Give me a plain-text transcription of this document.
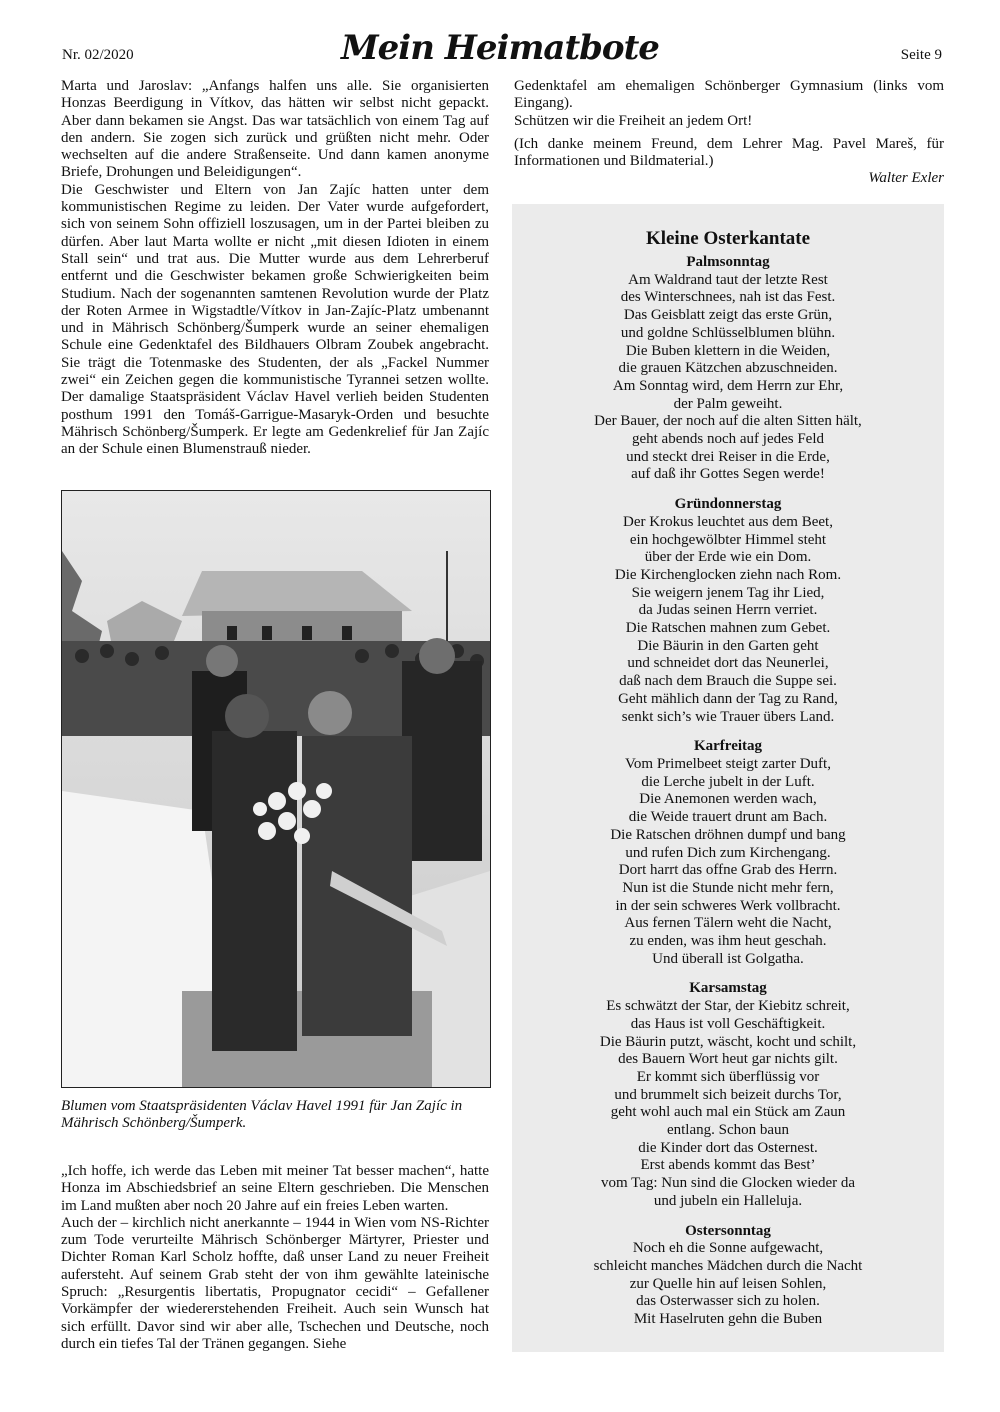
Nr. 02/2020	Mein Heimatbote	Seite 9

Marta und Jaroslav: „Anfangs halfen uns alle. Sie organisierten Honzas Beerdigung in Vítkov, das hätten wir selbst nicht gepackt. Aber dann bekamen sie Angst. Das war tatsächlich von einem Tag auf den andern. Sie zogen sich zurück und grüßten nicht mehr. Oder wechselten auf die andere Straßenseite. Und dann kamen anonyme Briefe, Drohungen und Beleidigungen“.

Die Geschwister und Eltern von Jan Zajíc hatten unter dem kommunistischen Regime zu leiden. Der Vater wurde aufgefordert, sich von seinem Sohn offiziell loszusagen, um in der Partei bleiben zu dürfen. Aber laut Marta wollte er nicht „mit diesen Idioten in einem Stall sein“ und trat aus. Die Mutter wurde aus dem Lehrerberuf entfernt und die Geschwister bekamen große Schwierigkeiten beim Studium. Nach der sogenannten samtenen Revolution wurde der Platz der Roten Armee in Wigstadtle/Vítkov in Jan-Zajíc-Platz umbenannt und in Mährisch Schönberg/Šumperk wurde an seiner ehemaligen Schule eine Gedenktafel des Bildhauers Olbram Zoubek angebracht. Sie trägt die Totenmaske des Studenten, der als „Fackel Nummer zwei“ ein Zeichen gegen die kommunistische Tyrannei setzen wollte. Der damalige Staatspräsident Václav Havel verlieh beiden Studenten posthum 1991 den Tomáš-Garrigue-Masaryk-Orden und besuchte Mährisch Schönberg/Šumperk. Er legte am Gedenkrelief für Jan Zajíc an der Schule einen Blumenstrauß nieder.

Blumen vom Staatspräsidenten Václav Havel 1991 für Jan Zajíc in Mährisch Schönberg/Šumperk.

„Ich hoffe, ich werde das Leben mit meiner Tat besser machen“, hatte Honza im Abschiedsbrief an seine Eltern geschrieben. Die Menschen im Land mußten aber noch 20 Jahre auf ein freies Leben warten.

Auch der – kirchlich nicht anerkannte – 1944 in Wien vom NS-Richter zum Tode verurteilte Mährisch Schönberger Märtyrer, Priester und Dichter Roman Karl Scholz hoffte, daß unser Land zu neuer Freiheit aufersteht. Auf seinem Grab steht der von ihm gewählte lateinische Spruch: „Resurgentis libertatis, Propugnator cecidi“ – Gefallener Vorkämpfer der wiedererstehenden Freiheit. Auch sein Wunsch hat sich erfüllt. Davor sind wir aber alle, Tschechen und Deutsche, noch durch ein tiefes Tal der Tränen gegangen. Siehe

Gedenktafel am ehemaligen Schönberger Gymnasium (links vom Eingang).

Schützen wir die Freiheit an jedem Ort!

(Ich danke meinem Freund, dem Lehrer Mag. Pavel Mareš, für Informationen und Bildmaterial.)

Walter Exler
Kleine Osterkantate
Palmsonntag
Am Waldrand taut der letzte Rest
des Winterschnees, nah ist das Fest.
Das Geisblatt zeigt das erste Grün,
und goldne Schlüsselblumen blühn.
Die Buben klettern in die Weiden,
die grauen Kätzchen abzuschneiden.
Am Sonntag wird, dem Herrn zur Ehr,
der Palm geweiht.
Der Bauer, der noch auf die alten Sitten hält,
geht abends noch auf jedes Feld
und steckt drei Reiser in die Erde,
auf daß ihr Gottes Segen werde!
Gründonnerstag
Der Krokus leuchtet aus dem Beet,
ein hochgewölbter Himmel steht
über der Erde wie ein Dom.
Die Kirchenglocken ziehn nach Rom.
Sie weigern jenem Tag ihr Lied,
da Judas seinen Herrn verriet.
Die Ratschen mahnen zum Gebet.
Die Bäurin in den Garten geht
und schneidet dort das Neunerlei,
daß nach dem Brauch die Suppe sei.
Geht mählich dann der Tag zu Rand,
senkt sich’s wie Trauer übers Land.
Karfreitag
Vom Primelbeet steigt zarter Duft,
die Lerche jubelt in der Luft.
Die Anemonen werden wach,
die Weide trauert drunt am Bach.
Die Ratschen dröhnen dumpf und bang
und rufen Dich zum Kirchengang.
Dort harrt das offne Grab des Herrn.
Nun ist die Stunde nicht mehr fern,
in der sein schweres Werk vollbracht.
Aus fernen Tälern weht die Nacht,
zu enden, was ihm heut geschah.
Und überall ist Golgatha.
Karsamstag
Es schwätzt der Star, der Kiebitz schreit,
das Haus ist voll Geschäftigkeit.
Die Bäurin putzt, wäscht, kocht und schilt,
des Bauern Wort heut gar nichts gilt.
Er kommt sich überflüssig vor
und brummelt sich beizeit durchs Tor,
geht wohl auch mal ein Stück am Zaun
entlang. Schon baun
die Kinder dort das Osternest.
Erst abends kommt das Best’
vom Tag: Nun sind die Glocken wieder da
und jubeln ein Halleluja.
Ostersonntag
Noch eh die Sonne aufgewacht,
schleicht manches Mädchen durch die Nacht
zur Quelle hin auf leisen Sohlen,
das Osterwasser sich zu holen.
Mit Haselruten gehn die Buben
